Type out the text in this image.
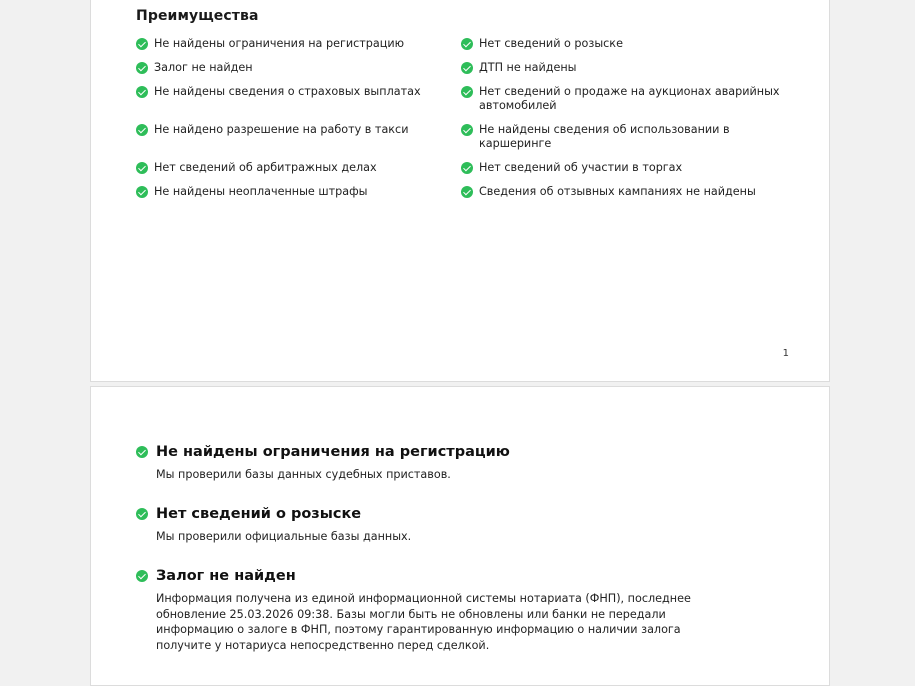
Преимущества
Не найдены ограничения на регистрацию
Залог не найден
Не найдены сведения о страховых выплатах
Не найдено разрешение на работу в такси
Нет сведений об арбитражных делах
Не найдены неоплаченные штрафы
Нет сведений о розыске
ДТП не найдены
Нет сведений о продаже на аукционах аварийных автомобилей
Не найдены сведения об использовании в каршеринге
Нет сведений об участии в торгах
Сведения об отзывных кампаниях не найдены
1
Не найдены ограничения на регистрацию
Мы проверили базы данных судебных приставов.
Нет сведений о розыске
Мы проверили официальные базы данных.
Залог не найден
Информация получена из единой информационной системы нотариата (ФНП), последнее обновление 25.03.2026 09:38. Базы могли быть не обновлены или банки не передали информацию о залоге в ФНП, поэтому гарантированную информацию о наличии залога получите у нотариуса непосредственно перед сделкой.
